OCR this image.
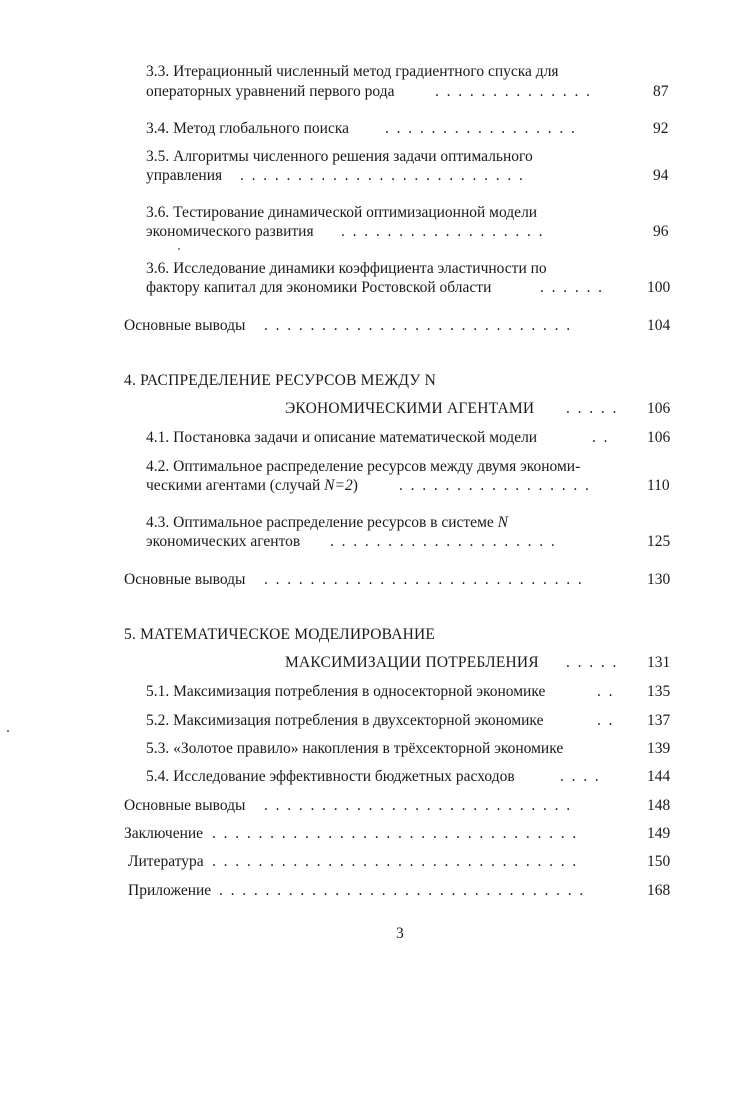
3.3. Итерационный численный метод градиентного спуска для
операторных уравнений первого рода	.  .  .  .  .  .  .  .  .  .  .  .  .  .	87
3.4. Метод глобального поиска .  .  .  .  .  .  .  .  .  .  .  .  .  .  .  .  .	92
3.5. Алгоритмы численного решения задачи оптимального
управления .  .  .  .  .  .  .  .  .  .  .  .  .  .  .  .  .  .  .  .  .  .  .  .  .	94
3.6. Тестирование динамической оптимизационной модели
экономического развития .  .  .  .  .  .  .  .  .  .  .  .  .  .  .  .  .  .	96
3.6. Исследование динамики коэффициента эластичности по
фактору капитал для экономики Ростовской области	.  .  .  .  .  .	100
Основные выводы .  .  .  .  .  .  .  .  .  .  .  .  .  .  .  .  .  .  .  .  .  .  .  .  .  .  .	104
4. РАСПРЕДЕЛЕНИЕ РЕСУРСОВ МЕЖДУ N
ЭКОНОМИЧЕСКИМИ АГЕНТАМИ .  .  .  .  . 106
4.1. Постановка задачи и описание математической модели	.  .	106
4.2. Оптимальное распределение ресурсов между двумя экономи-
ческими агентами (случай N=2)	.  .  .  .  .  .  .  .  .  .  .  .  .  .  .  .  .	110
4.3. Оптимальное распределение ресурсов в системе N
экономических агентов .  .  .  .  .  .  .  .  .  .  .  .  .  .  .  .  .  .  .  .	125
Основные выводы .  .  .  .  .  .  .  .  .  .  .  .  .  .  .  .  .  .  .  .  .  .  .  .  .  .  .  .	130
5. МАТЕМАТИЧЕСКОЕ МОДЕЛИРОВАНИЕ
МАКСИМИЗАЦИИ ПОТРЕБЛЕНИЯ .  .  .  .  . 131
5.1. Максимизация потребления в односекторной экономике	.  . 135
5.2. Максимизация потребления в двухсекторной экономике	.  . 137
5.3. «Золотое правило» накопления в трёхсекторной экономике	139
5.4. Исследование эффективности бюджетных расходов	.  .  .  .	144
Основные выводы .  .  .  .  .  .  .  .  .  .  .  .  .  .  .  .  .  .  .  .  .  .  .  .  .  .  .	148
Заключение .  .  .  .  .  .  .  .  .  .  .  .  .  .  .  .  .  .  .  .  .  .  .  .  .  .  .  .  .  .  .  .	149
Литература .  .  .  .  .  .  .  .  .  .  .  .  .  .  .  .  .  .  .  .  .  .  .  .  .  .  .  .  .  .  .  .	150
Приложение .  .  .  .  .  .  .  .  .  .  .  .  .  .  .  .  .  .  .  .  .  .  .  .  .  .  .  .  .  .  .  .	168
3
